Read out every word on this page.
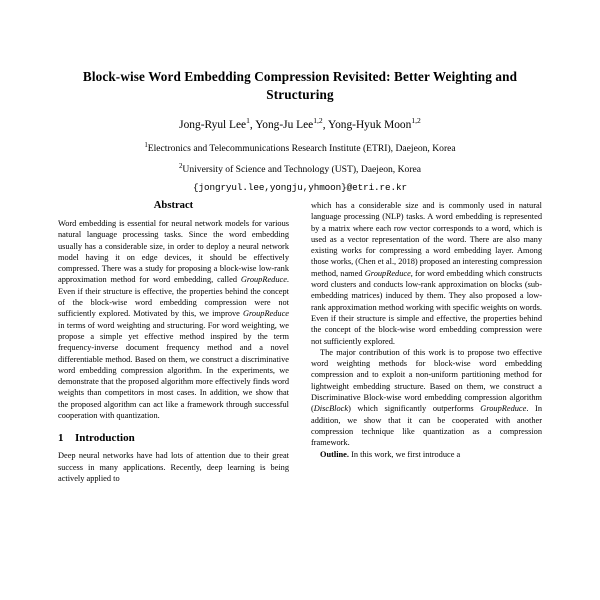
Block-wise Word Embedding Compression Revisited: Better Weighting and Structuring
Jong-Ryul Lee$^1$, Yong-Ju Lee$^{1,2}$, Yong-Hyuk Moon$^{1,2}$
$^1$Electronics and Telecommunications Research Institute (ETRI), Daejeon, Korea
$^2$University of Science and Technology (UST), Daejeon, Korea
{jongryul.lee,yongju,yhmoon}@etri.re.kr
Abstract

Word embedding is essential for neural network models for various natural language processing tasks. Since the word embedding usually has a considerable size, in order to deploy a neural network model having it on edge devices, it should be effectively compressed. There was a study for proposing a block-wise low-rank approximation method for word embedding, called GroupReduce. Even if their structure is effective, the properties behind the concept of the block-wise word embedding compression were not sufficiently explored. Motivated by this, we improve GroupReduce in terms of word weighting and structuring. For word weighting, we propose a simple yet effective method inspired by the term frequency-inverse document frequency method and a novel differentiable method. Based on them, we construct a discriminative word embedding compression algorithm. In the experiments, we demonstrate that the proposed algorithm more effectively finds word weights than competitors in most cases. In addition, we show that the proposed algorithm can act like a framework through successful cooperation with quantization.

1 Introduction

Deep neural networks have had lots of attention due to their great success in many applications. Recently, deep learning is being actively applied to

which has a considerable size and is commonly used in natural language processing (NLP) tasks. A word embedding is represented by a matrix where each row vector corresponds to a word, which is used as a vector representation of the word. There are also many existing works for compressing a word embedding layer. Among those works, (Chen et al., 2018) proposed an interesting compression method, named GroupReduce, for word embedding which constructs word clusters and conducts low-rank approximation on blocks (sub-embedding matrices) induced by them. They also proposed a low-rank approximation method working with specific weights on words. Even if their structure is simple and effective, the properties behind the concept of the block-wise word embedding compression were not sufficiently explored.

The major contribution of this work is to propose two effective word weighting methods for block-wise word embedding compression and to exploit a non-uniform partitioning method for lightweight embedding structure. Based on them, we construct a Discriminative Block-wise word embedding compression algorithm (DiscBlock) which significantly outperforms GroupReduce. In addition, we show that it can be cooperated with another compression technique like quantization as a compression framework.

Outline. In this work, we first introduce a
